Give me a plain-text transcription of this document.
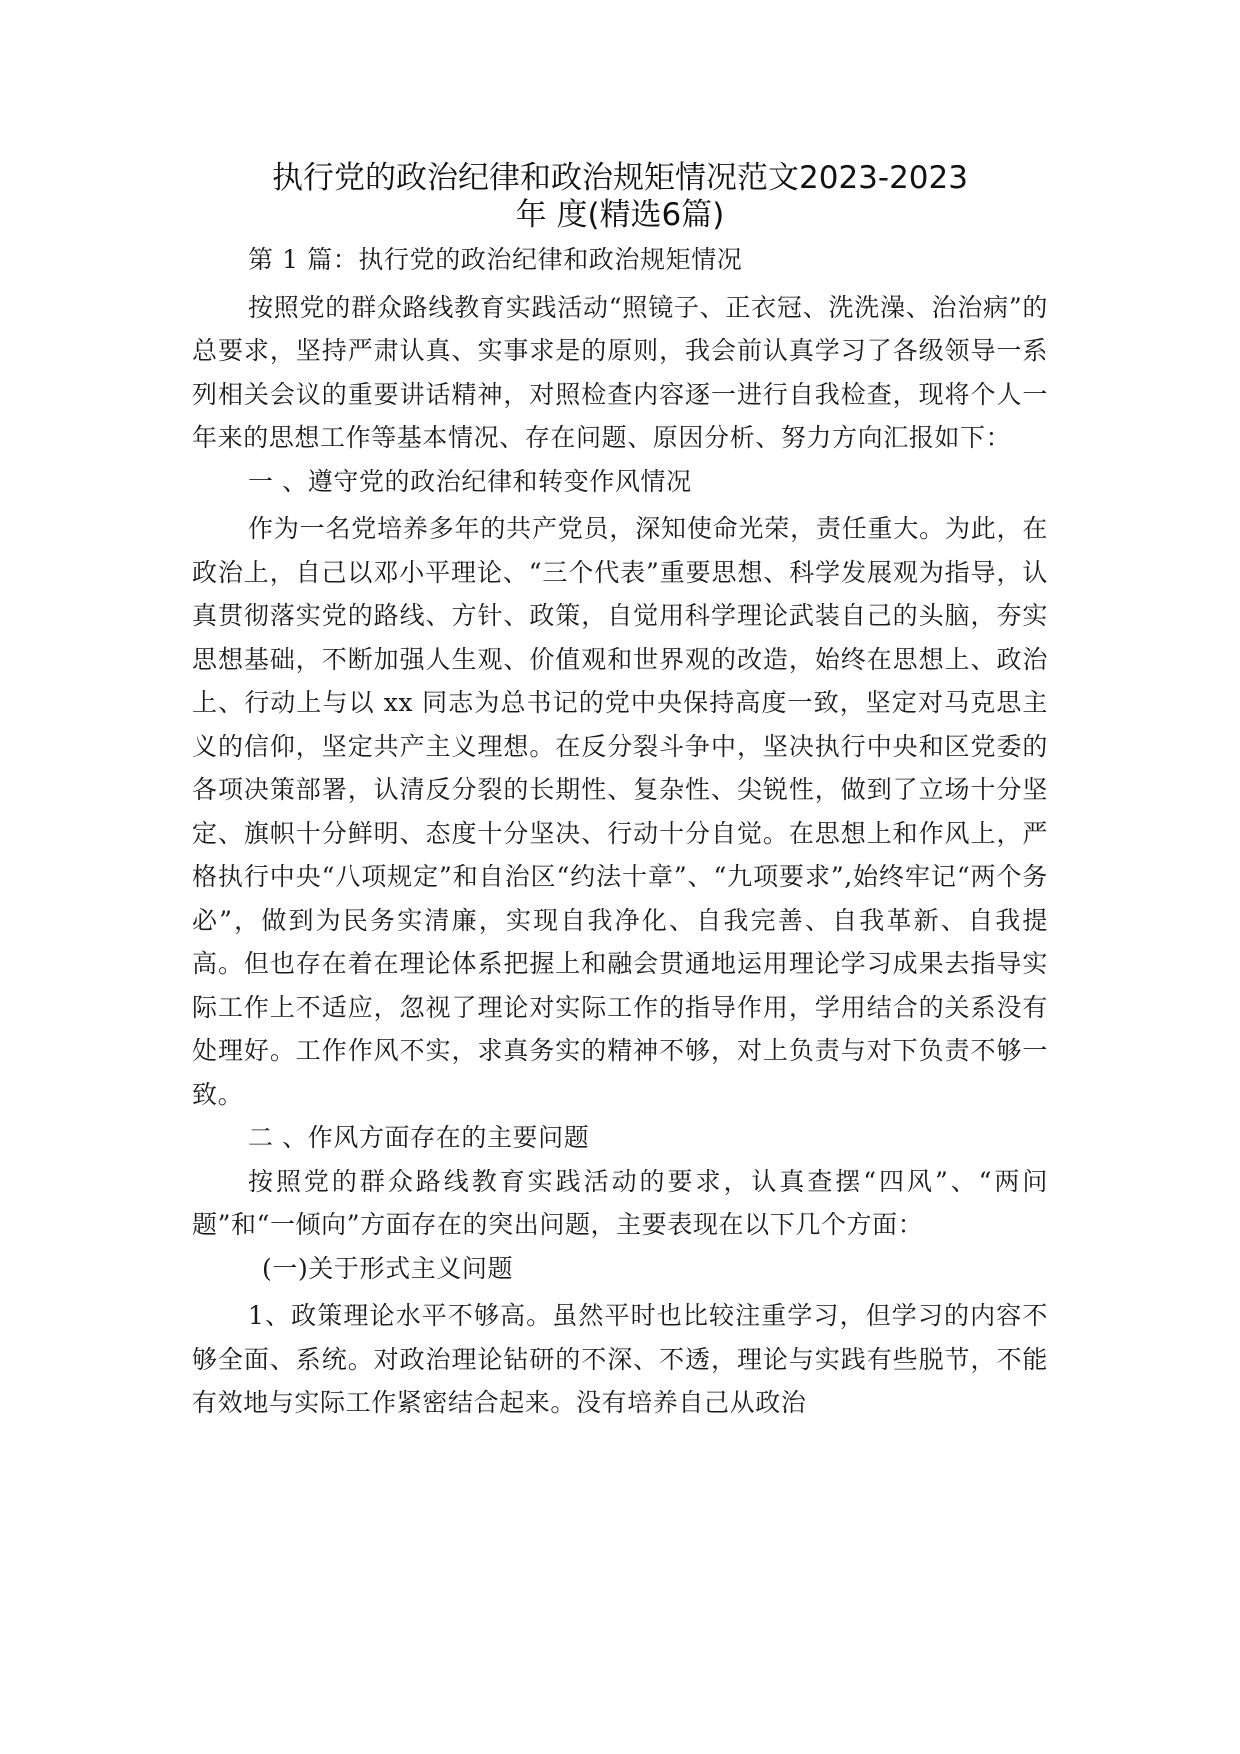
执行党的政治纪律和政治规矩情况范文2023-2023
年 度(精选6篇)

第 1 篇：执行党的政治纪律和政治规矩情况

按照党的群众路线教育实践活动“照镜子、正衣冠、洗洗澡、治治病”的总要求，坚持严肃认真、实事求是的原则，我会前认真学习了各级领导一系列相关会议的重要讲话精神，对照检查内容逐一进行自我检查，现将个人一年来的思想工作等基本情况、存在问题、原因分析、努力方向汇报如下：

一 、遵守党的政治纪律和转变作风情况

作为一名党培养多年的共产党员，深知使命光荣，责任重大。为此，在政治上，自己以邓小平理论、“三个代表”重要思想、科学发展观为指导，认真贯彻落实党的路线、方针、政策，自觉用科学理论武装自己的头脑，夯实思想基础，不断加强人生观、价值观和世界观的改造，始终在思想上、政治上、行动上与以 xx 同志为总书记的党中央保持高度一致，坚定对马克思主义的信仰，坚定共产主义理想。在反分裂斗争中，坚决执行中央和区党委的各项决策部署，认清反分裂的长期性、复杂性、尖锐性，做到了立场十分坚定、旗帜十分鲜明、态度十分坚决、行动十分自觉。在思想上和作风上，严格执行中央“八项规定”和自治区“约法十章”、“九项要求”,始终牢记“两个务必”，做到为民务实清廉，实现自我净化、自我完善、自我革新、自我提高。但也存在着在理论体系把握上和融会贯通地运用理论学习成果去指导实际工作上不适应，忽视了理论对实际工作的指导作用，学用结合的关系没有处理好。工作作风不实，求真务实的精神不够，对上负责与对下负责不够一致。

二 、作风方面存在的主要问题

按照党的群众路线教育实践活动的要求，认真查摆“四风”、“两问题”和“一倾向”方面存在的突出问题，主要表现在以下几个方面：

(一)关于形式主义问题

1、政策理论水平不够高。虽然平时也比较注重学习，但学习的内容不够全面、系统。对政治理论钻研的不深、不透，理论与实践有些脱节，不能有效地与实际工作紧密结合起来。没有培养自己从政治
